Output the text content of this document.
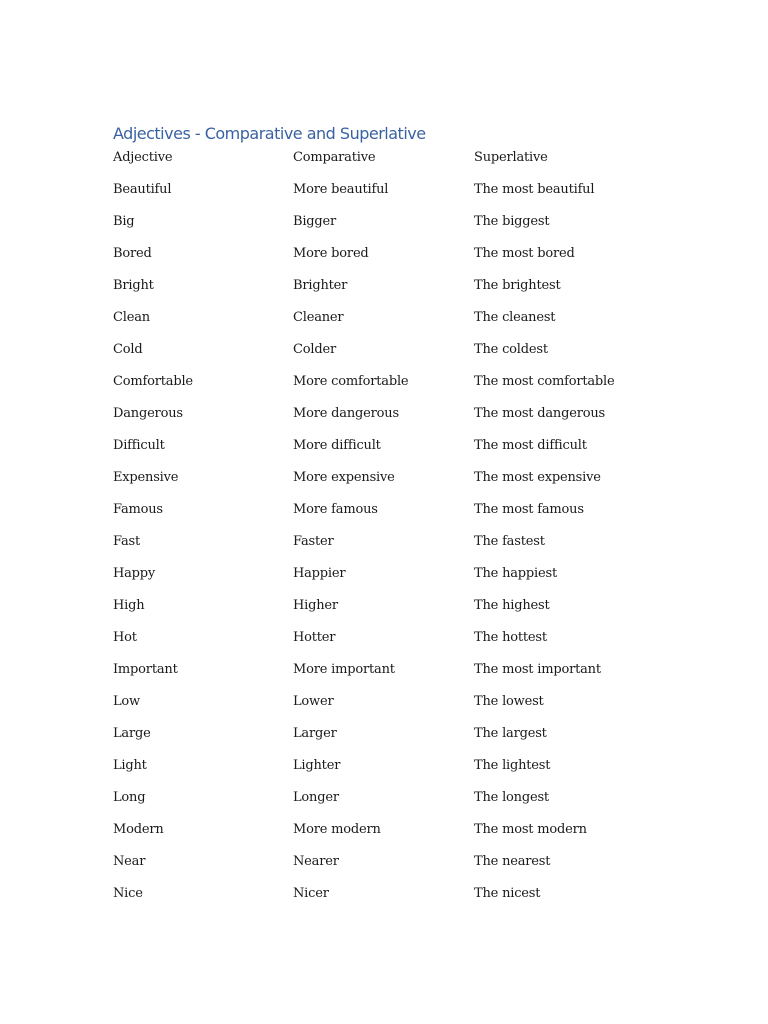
Adjectives - Comparative and Superlative
Adjective	Comparative	Superlative
Beautiful	More beautiful	The most beautiful
Big	Bigger	The biggest
Bored	More bored	The most bored
Bright	Brighter	The brightest
Clean	Cleaner	The cleanest
Cold	Colder	The coldest
Comfortable	More comfortable	The most comfortable
Dangerous	More dangerous	The most dangerous
Difficult	More difficult	The most difficult
Expensive	More expensive	The most expensive
Famous	More famous	The most famous
Fast	Faster	The fastest
Happy	Happier	The happiest
High	Higher	The highest
Hot	Hotter	The hottest
Important	More important	The most important
Low	Lower	The lowest
Large	Larger	The largest
Light	Lighter	The lightest
Long	Longer	The longest
Modern	More modern	The most modern
Near	Nearer	The nearest
Nice	Nicer	The nicest
